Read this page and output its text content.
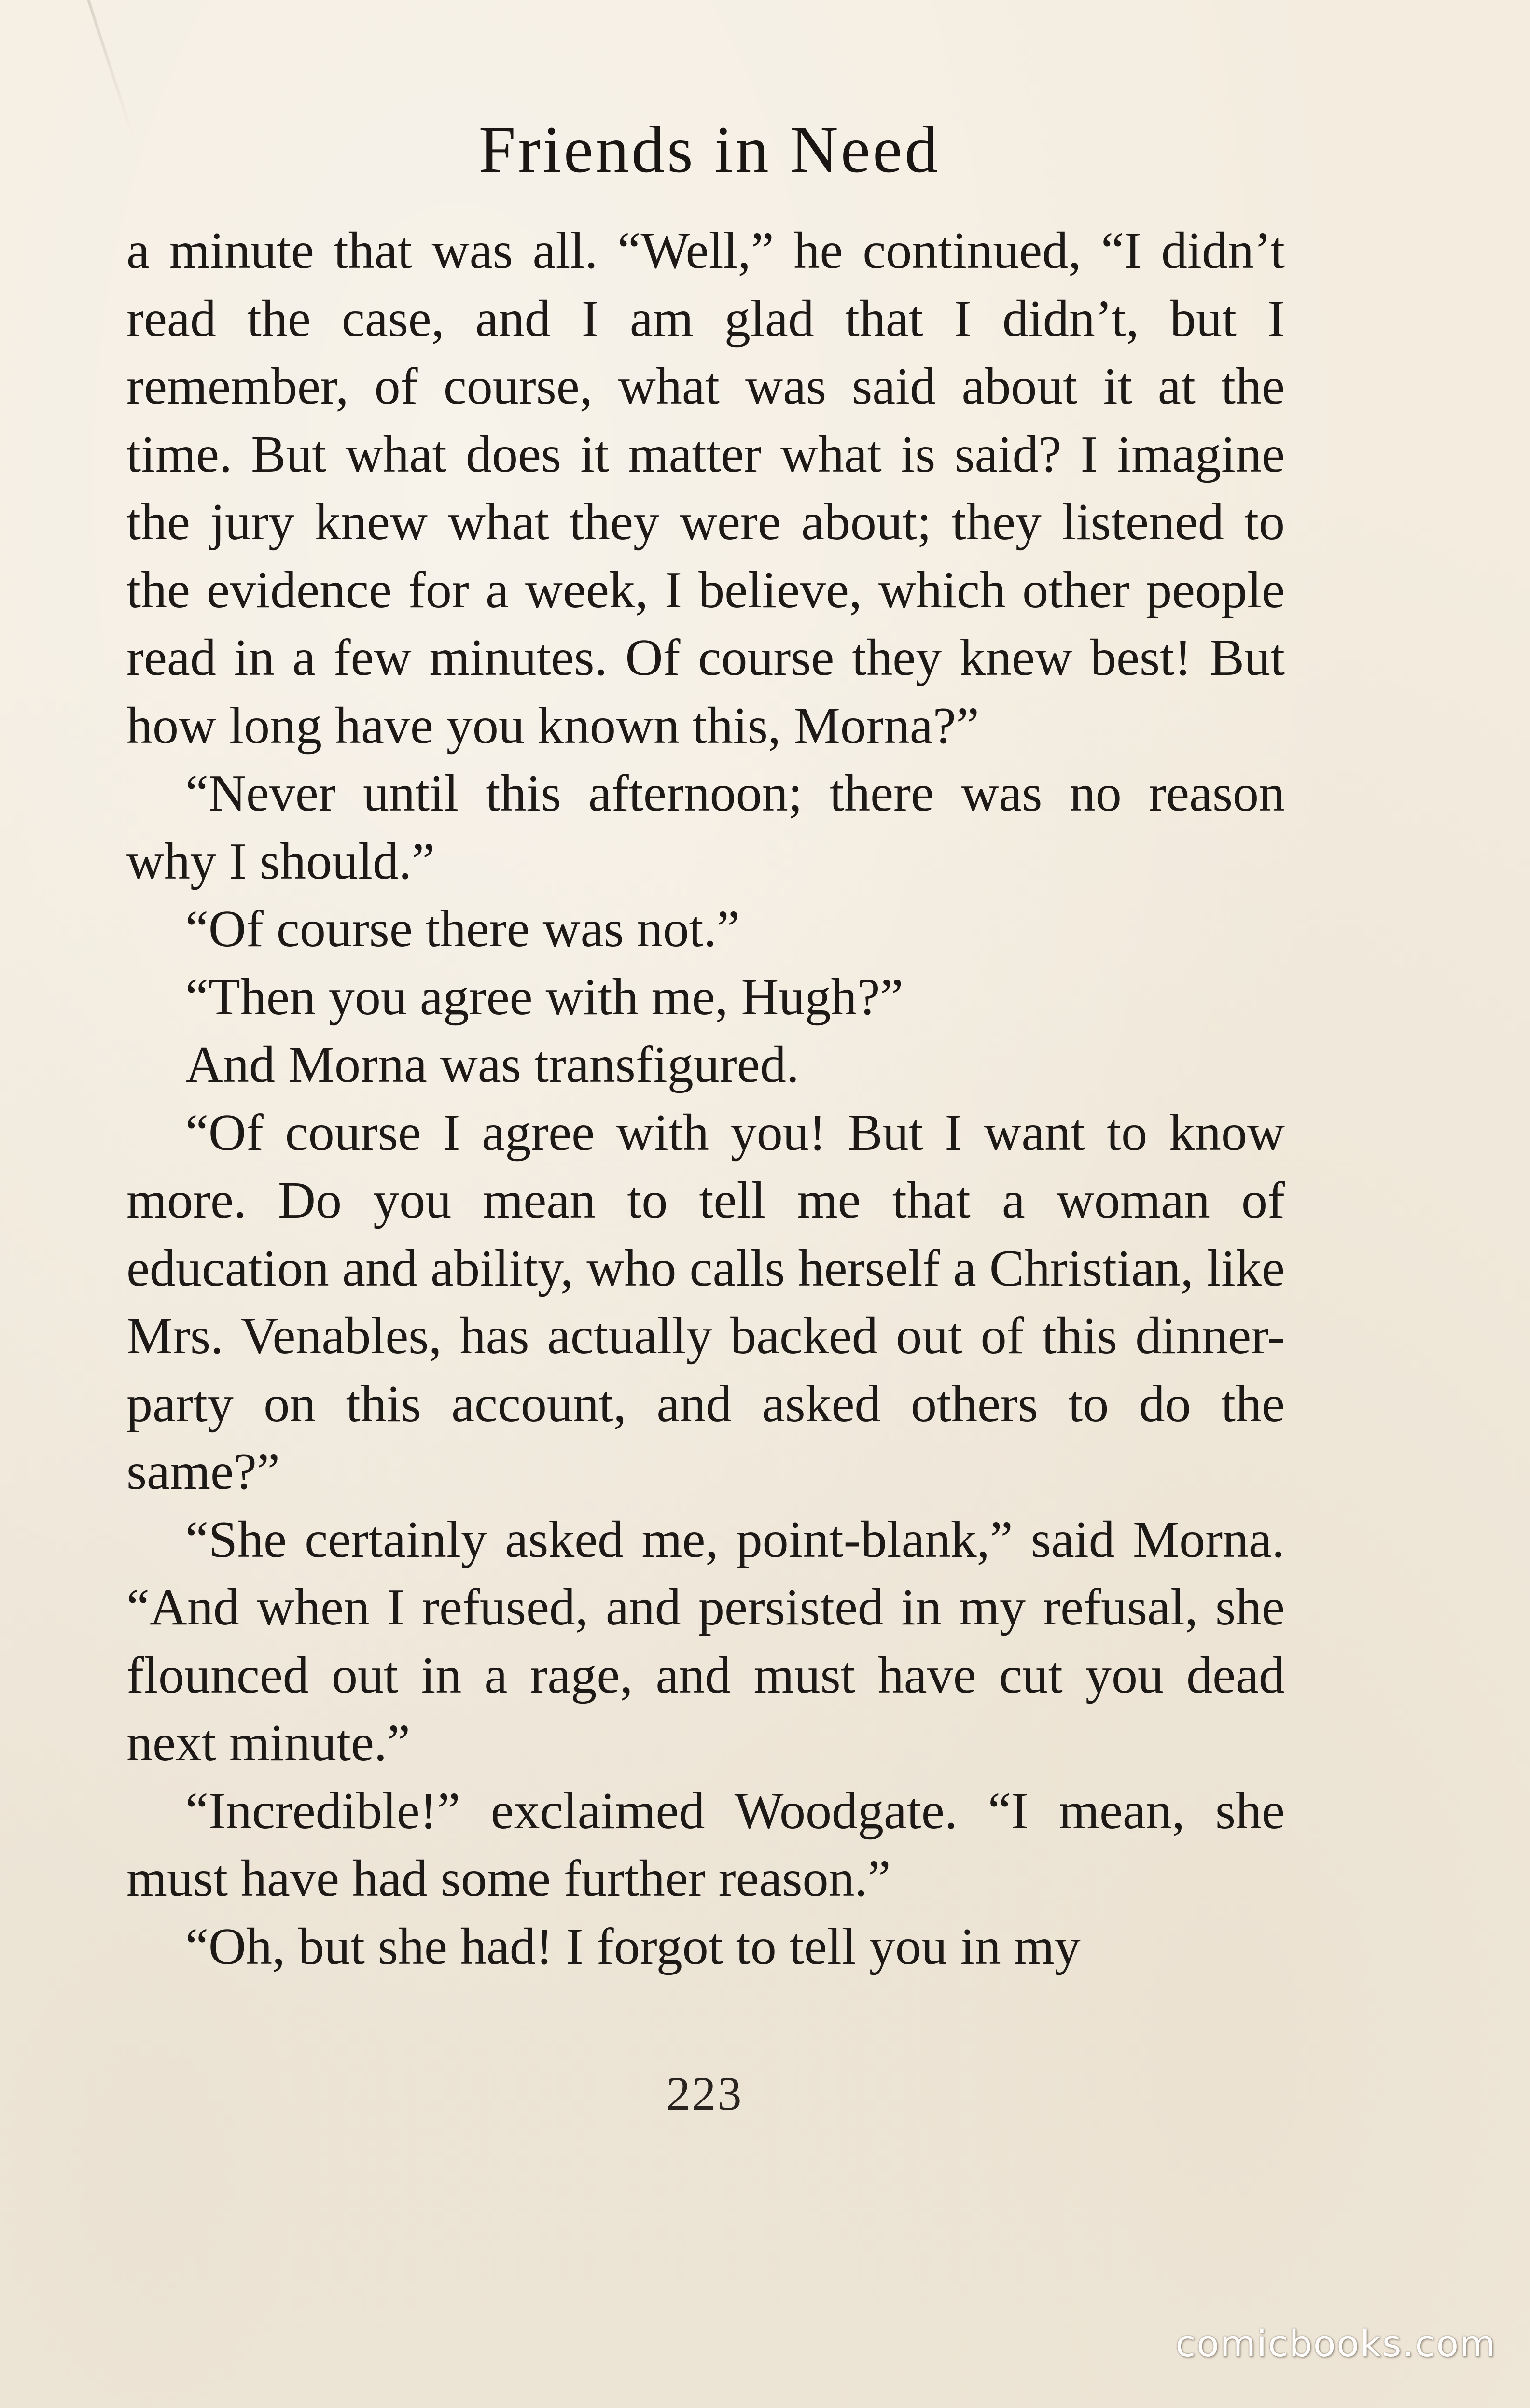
Friends in Need

a minute that was all. “Well,” he continued, “I didn’t read the case, and I am glad that I didn’t, but I remember, of course, what was said about it at the time. But what does it matter what is said? I imagine the jury knew what they were about; they listened to the evidence for a week, I believe, which other people read in a few minutes. Of course they knew best! But how long have you known this, Morna?”

“Never until this afternoon; there was no reason why I should.”

“Of course there was not.”

“Then you agree with me, Hugh?”

And Morna was transfigured.

“Of course I agree with you! But I want to know more. Do you mean to tell me that a woman of education and ability, who calls herself a Christian, like Mrs. Venables, has actually backed out of this dinner-party on this account, and asked others to do the same?”

“She certainly asked me, point-blank,” said Morna. “And when I refused, and persisted in my refusal, she flounced out in a rage, and must have cut you dead next minute.”

“Incredible!” exclaimed Woodgate. “I mean, she must have had some further reason.”

“Oh, but she had! I forgot to tell you in my

223
comicbooks.com
